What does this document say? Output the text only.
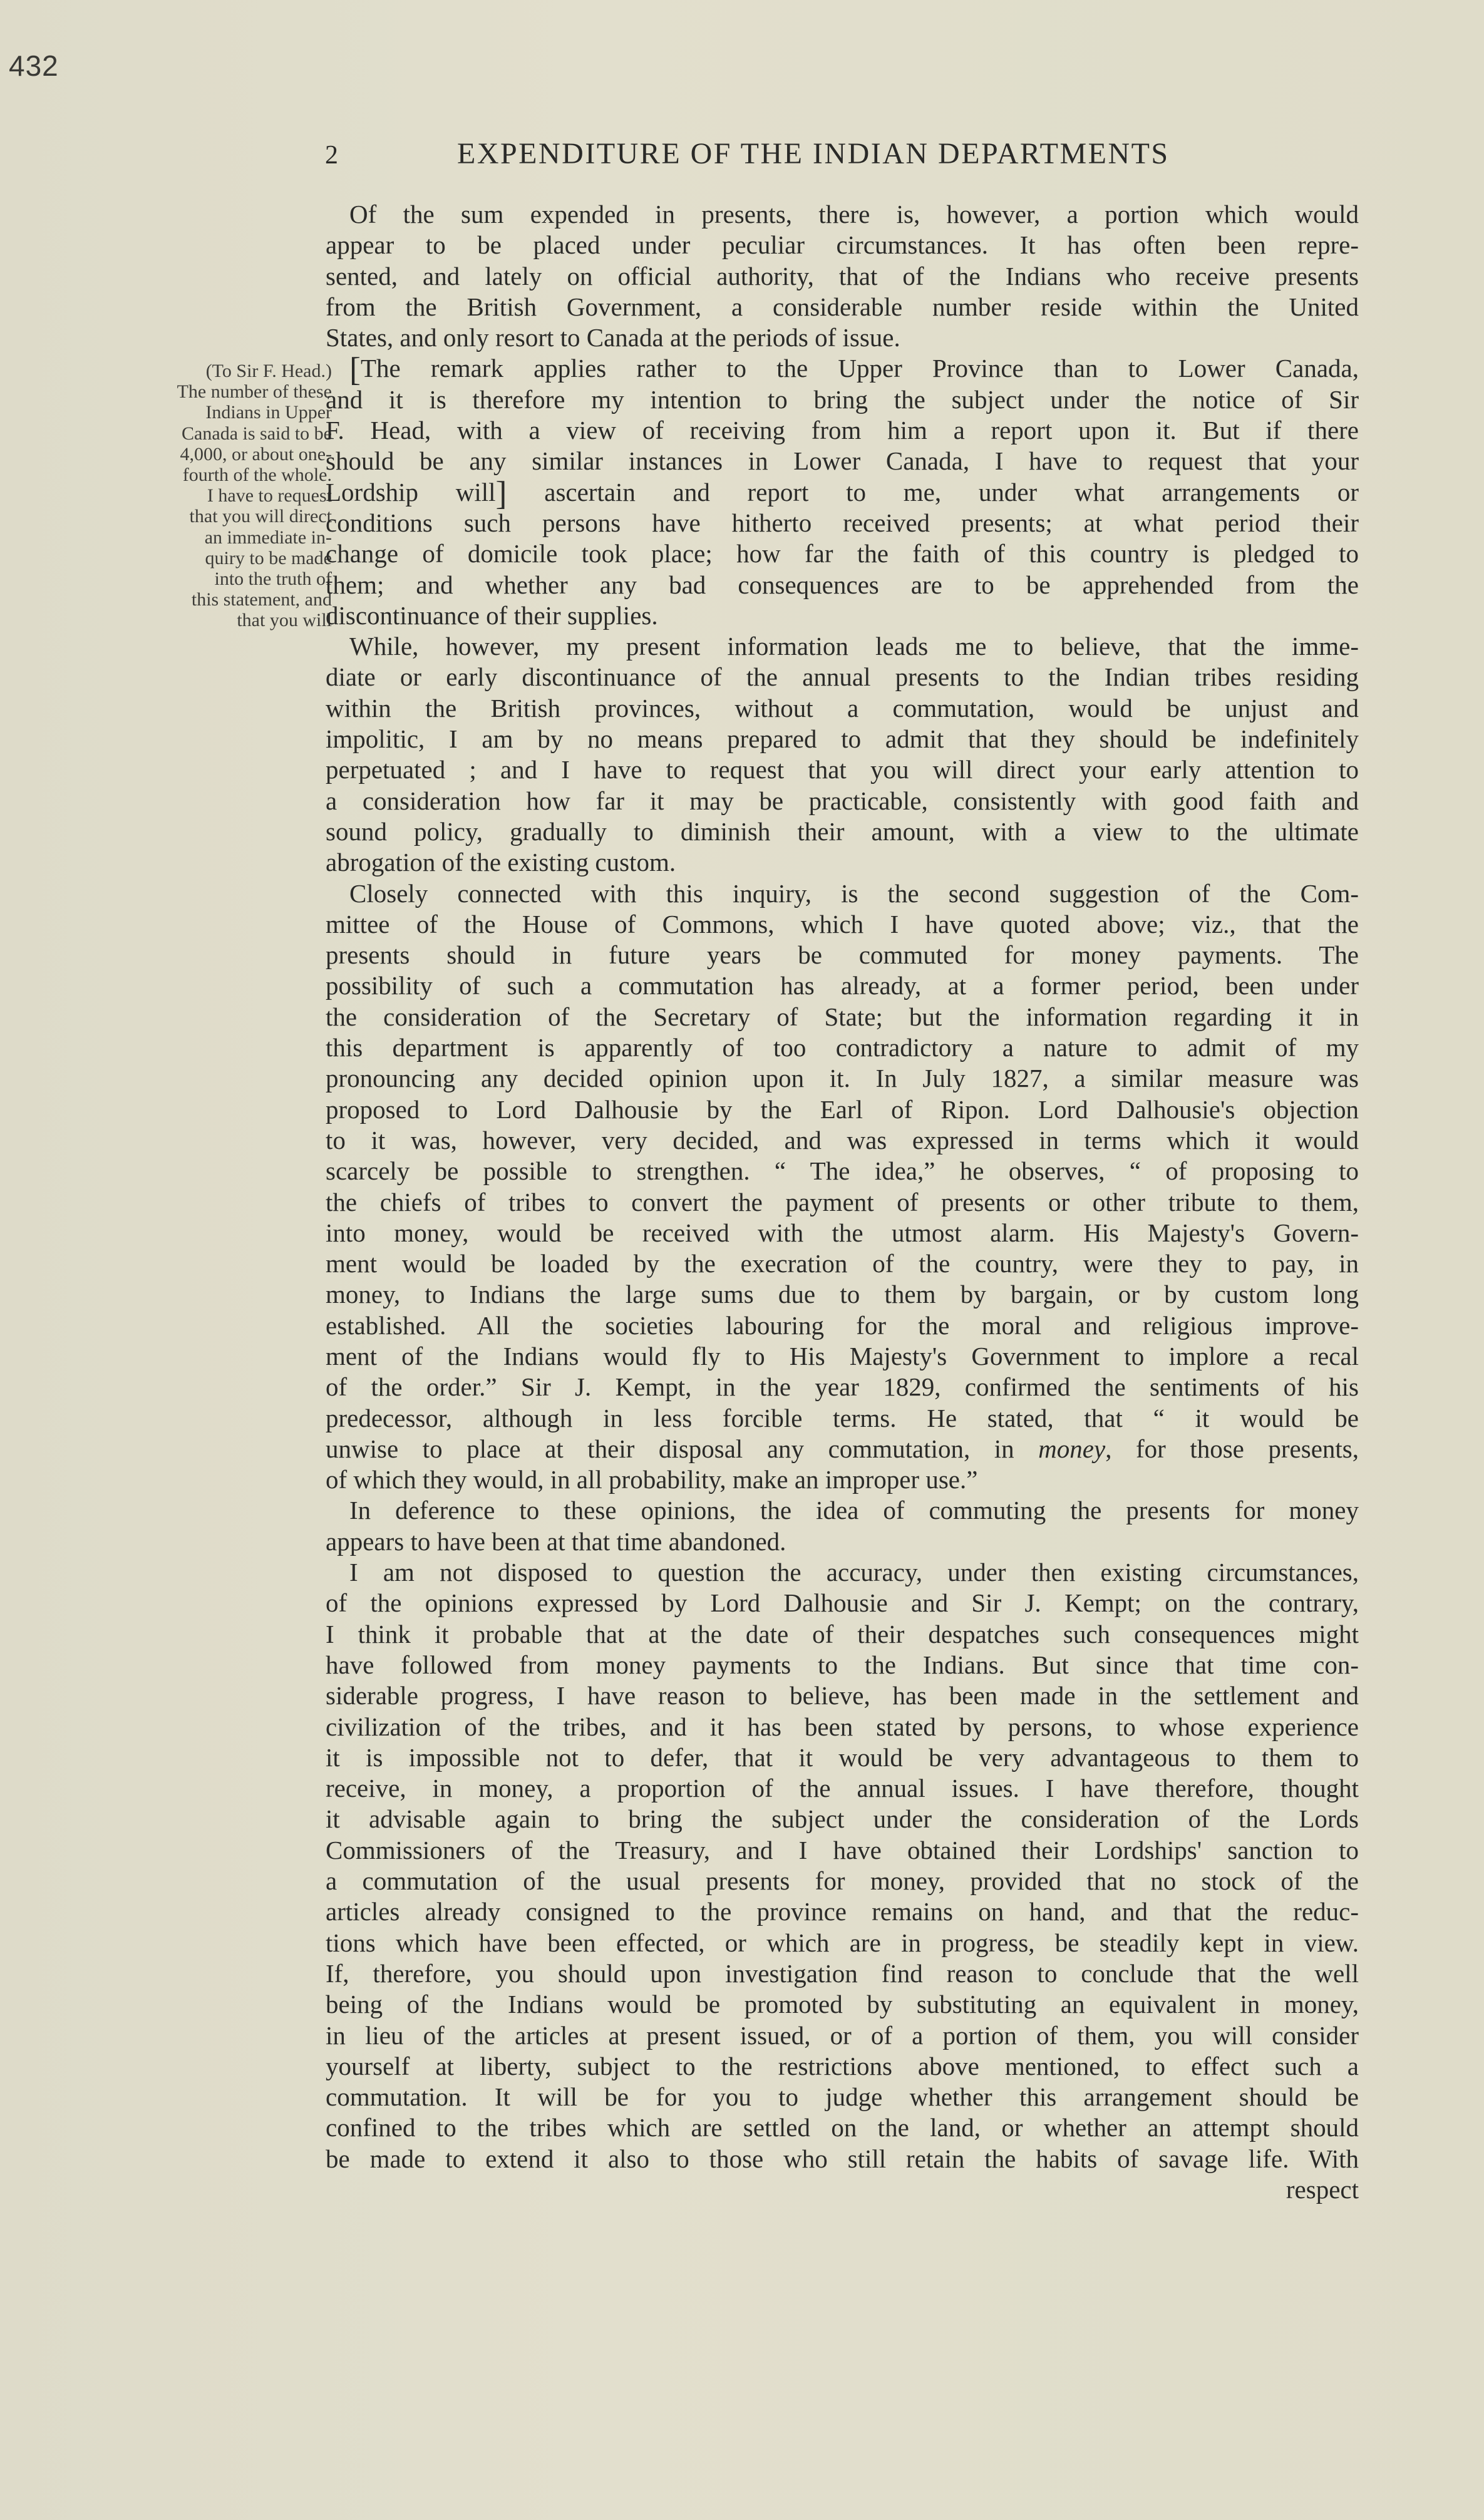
432
2	EXPENDITURE OF THE INDIAN DEPARTMENTS
(To Sir F. Head.)
The number of these
Indians in Upper
Canada is said to be
4,000, or about one-
fourth of the whole.
I have to request
that you will direct
an immediate in-
quiry to be made
into the truth of
this statement, and
that you will
Of the sum expended in presents, there is, however, a portion which would
appear to be placed under peculiar circumstances. It has often been repre-
sented, and lately on official authority, that of the Indians who receive presents
from the British Government, a considerable number reside within the United
States, and only resort to Canada at the periods of issue.
[The remark applies rather to the Upper Province than to Lower Canada,
and it is therefore my intention to bring the subject under the notice of Sir
F. Head, with a view of receiving from him a report upon it. But if there
should be any similar instances in Lower Canada, I have to request that your
Lordship will] ascertain and report to me, under what arrangements or
conditions such persons have hitherto received presents; at what period their
change of domicile took place; how far the faith of this country is pledged to
them; and whether any bad consequences are to be apprehended from the
discontinuance of their supplies.
While, however, my present information leads me to believe, that the imme-
diate or early discontinuance of the annual presents to the Indian tribes residing
within the British provinces, without a commutation, would be unjust and
impolitic, I am by no means prepared to admit that they should be indefinitely
perpetuated ; and I have to request that you will direct your early attention to
a consideration how far it may be practicable, consistently with good faith and
sound policy, gradually to diminish their amount, with a view to the ultimate
abrogation of the existing custom.
Closely connected with this inquiry, is the second suggestion of the Com-
mittee of the House of Commons, which I have quoted above; viz., that the
presents should in future years be commuted for money payments. The
possibility of such a commutation has already, at a former period, been under
the consideration of the Secretary of State; but the information regarding it in
this department is apparently of too contradictory a nature to admit of my
pronouncing any decided opinion upon it. In July 1827, a similar measure was
proposed to Lord Dalhousie by the Earl of Ripon. Lord Dalhousie's objection
to it was, however, very decided, and was expressed in terms which it would
scarcely be possible to strengthen. “ The idea,” he observes, “ of proposing to
the chiefs of tribes to convert the payment of presents or other tribute to them,
into money, would be received with the utmost alarm. His Majesty's Govern-
ment would be loaded by the execration of the country, were they to pay, in
money, to Indians the large sums due to them by bargain, or by custom long
established. All the societies labouring for the moral and religious improve-
ment of the Indians would fly to His Majesty's Government to implore a recal
of the order.” Sir J. Kempt, in the year 1829, confirmed the sentiments of his
predecessor, although in less forcible terms. He stated, that “ it would be
unwise to place at their disposal any commutation, in money, for those presents,
of which they would, in all probability, make an improper use.”
In deference to these opinions, the idea of commuting the presents for money
appears to have been at that time abandoned.
I am not disposed to question the accuracy, under then existing circumstances,
of the opinions expressed by Lord Dalhousie and Sir J. Kempt; on the contrary,
I think it probable that at the date of their despatches such consequences might
have followed from money payments to the Indians. But since that time con-
siderable progress, I have reason to believe, has been made in the settlement and
civilization of the tribes, and it has been stated by persons, to whose experience
it is impossible not to defer, that it would be very advantageous to them to
receive, in money, a proportion of the annual issues. I have therefore, thought
it advisable again to bring the subject under the consideration of the Lords
Commissioners of the Treasury, and I have obtained their Lordships' sanction to
a commutation of the usual presents for money, provided that no stock of the
articles already consigned to the province remains on hand, and that the reduc-
tions which have been effected, or which are in progress, be steadily kept in view.
If, therefore, you should upon investigation find reason to conclude that the well
being of the Indians would be promoted by substituting an equivalent in money,
in lieu of the articles at present issued, or of a portion of them, you will consider
yourself at liberty, subject to the restrictions above mentioned, to effect such a
commutation. It will be for you to judge whether this arrangement should be
confined to the tribes which are settled on the land, or whether an attempt should
be made to extend it also to those who still retain the habits of savage life. With
respect
